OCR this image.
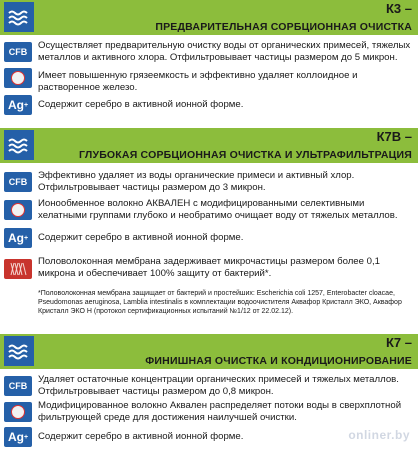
К3 –
ПРЕДВАРИТЕЛЬНАЯ СОРБЦИОННАЯ ОЧИСТКА
CFB
Осуществляет предварительную очистку воды от органических примесей, тяжелых металлов и активного хлора. Отфильтровывает частицы размером до 5 микрон.
Имеет повышенную грязеемкость и эффективно удаляет коллоидное и растворенное железо.
Ag + Содержит серебро в активной ионной форме.
К7В –
ГЛУБОКАЯ СОРБЦИОННАЯ ОЧИСТКА И УЛЬТРАФИЛЬТРАЦИЯ
CFB
Эффективно удаляет из воды органические примеси и активный хлор. Отфильтровывает частицы размером до 3 микрон.
Ионообменное волокно АКВАЛЕН с модифицированными селективными хелатными группами глубоко и необратимо очищает воду от тяжелых металлов.
Ag + Содержит серебро в активной ионной форме.
Половолоконная мембрана задерживает микрочастицы размером более 0,1 микрона и обеспечивает 100% защиту от бактерий*.
*Половолоконная мембрана защищает от бактерий и простейших: Escherichia coli 1257, Enterobacter cloacae, Pseudomonas aeruginosa, Lamblia intestinalis в комплектации водоочистителя Аквафор Кристалл ЭКО, Аквафор Кристалл ЭКО Н (протокол сертификационных испытаний №1/12 от 22.02.12).
К7 –
ФИНИШНАЯ ОЧИСТКА И КОНДИЦИОНИРОВАНИЕ
CFB
Удаляет остаточные концентрации органических примесей и тяжелых металлов. Отфильтровывает частицы размером до 0,8 микрон.
Модифицированное волокно Аквален распределяет потоки воды в сверхплотной фильтрующей среде для достижения наилучшей очистки.
Ag + Содержит серебро в активной ионной форме.	onliner.by
